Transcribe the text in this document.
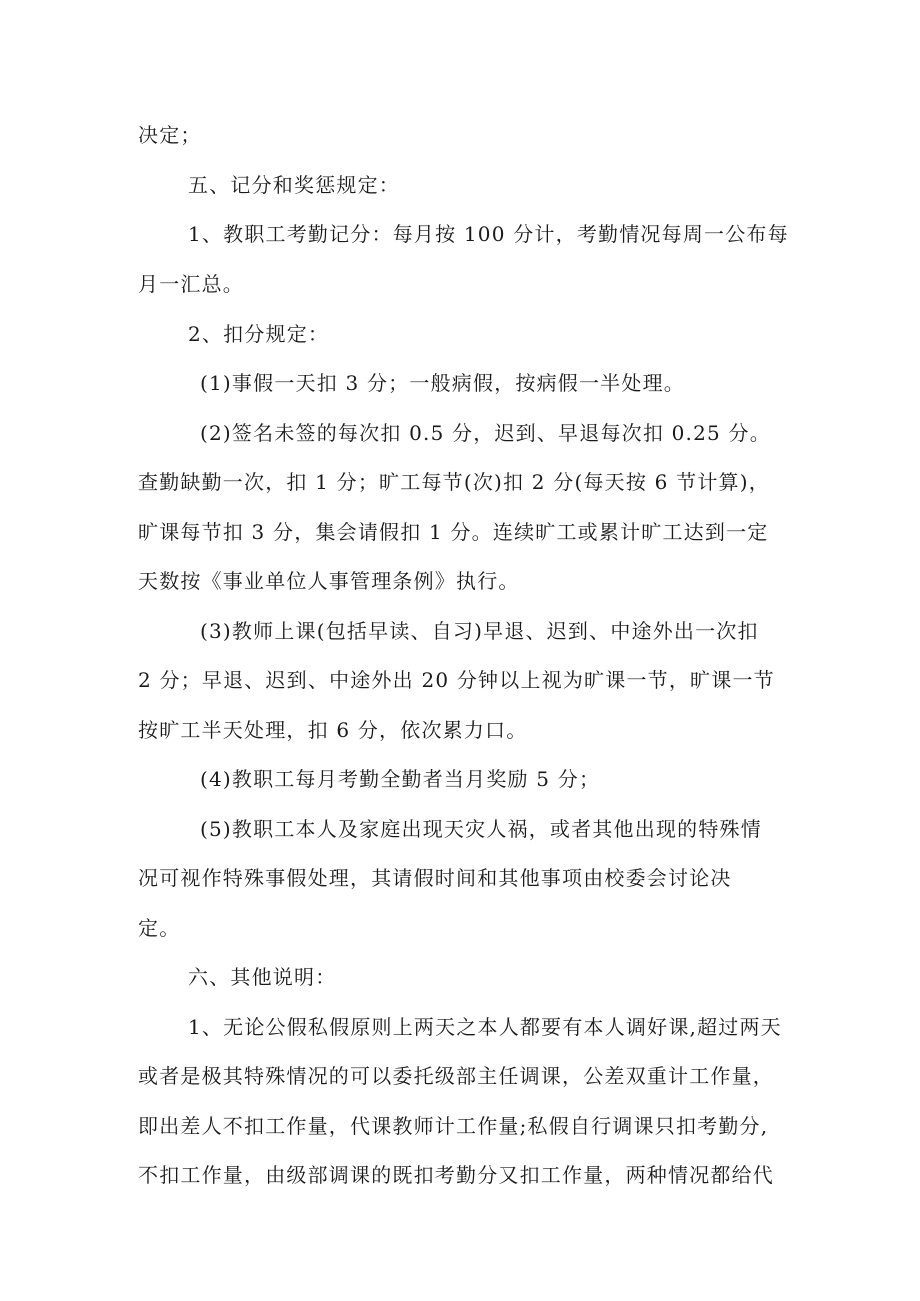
决定；
五、记分和奖惩规定：
1、教职工考勤记分：每月按 100 分计，考勤情况每周一公布每
月一汇总。
2、扣分规定：
(1)事假一天扣 3 分；一般病假，按病假一半处理。
(2)签名未签的每次扣 0.5 分，迟到、早退每次扣 0.25 分。
查勤缺勤一次，扣 1 分；旷工每节(次)扣 2 分(每天按 6 节计算)，
旷课每节扣 3 分，集会请假扣 1 分。连续旷工或累计旷工达到一定
天数按《事业单位人事管理条例》执行。
(3)教师上课(包括早读、自习)早退、迟到、中途外出一次扣
2 分；早退、迟到、中途外出 20 分钟以上视为旷课一节，旷课一节
按旷工半天处理，扣 6 分，依次累力口。
(4)教职工每月考勤全勤者当月奖励 5 分；
(5)教职工本人及家庭出现天灾人祸，或者其他出现的特殊情
况可视作特殊事假处理，其请假时间和其他事项由校委会讨论决
定。
六、其他说明：
1、无论公假私假原则上两天之本人都要有本人调好课,超过两天
或者是极其特殊情况的可以委托级部主任调课，公差双重计工作量，
即出差人不扣工作量，代课教师计工作量;私假自行调课只扣考勤分,
不扣工作量，由级部调课的既扣考勤分又扣工作量，两种情况都给代
